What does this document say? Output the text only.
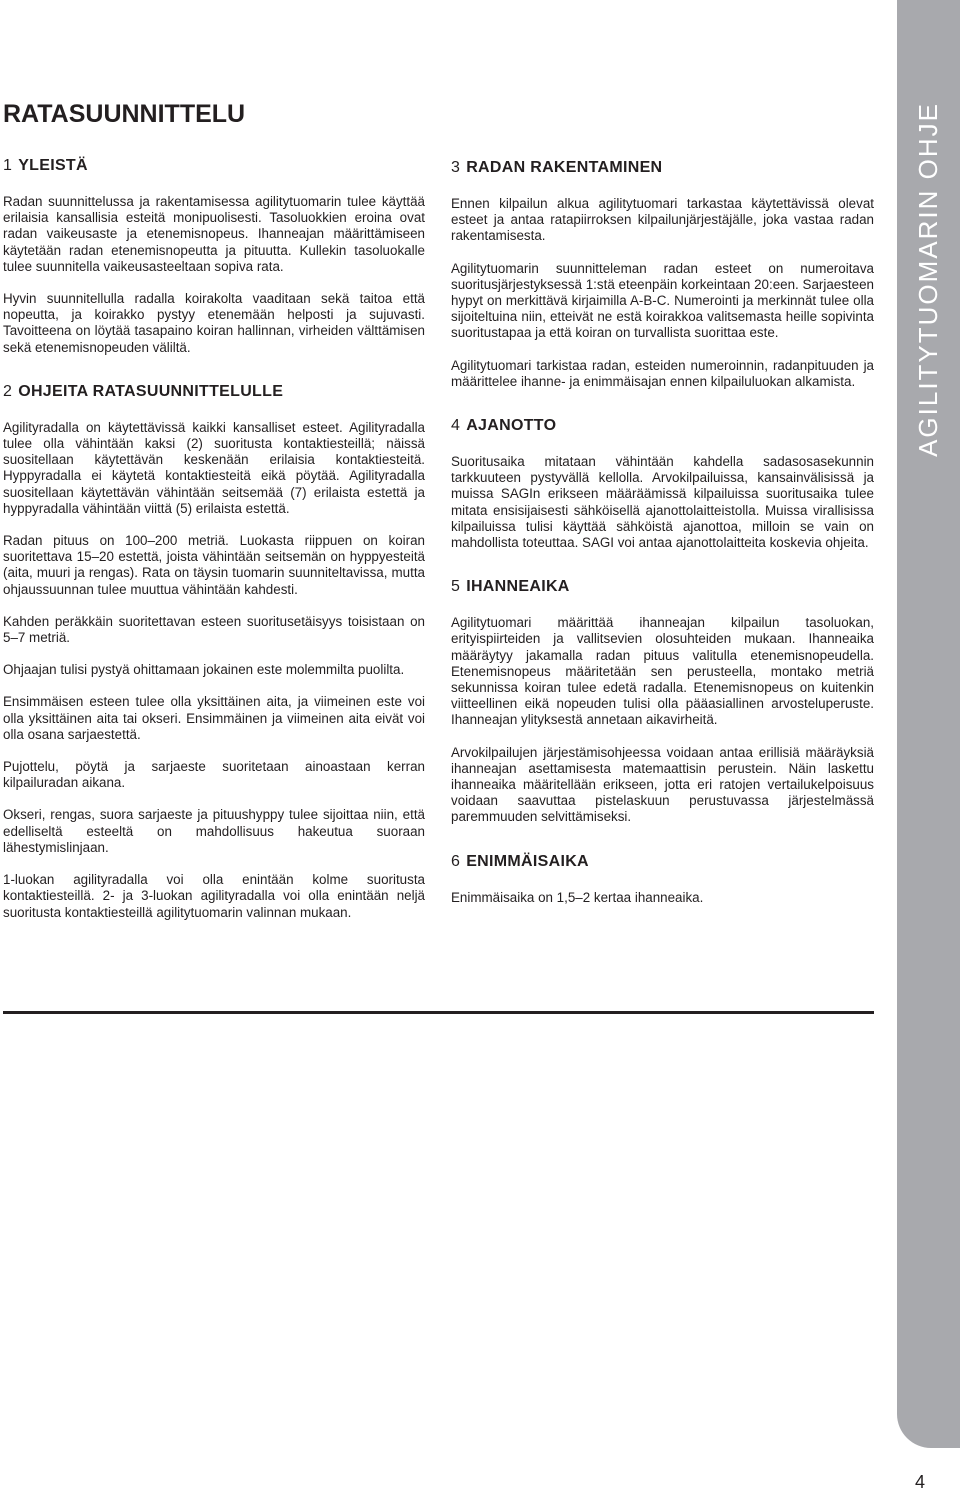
AGILITYTUOMARIN OHJE
RATASUUNNITTELU
1 YLEISTÄ

Radan suunnittelussa ja rakentamisessa agilitytuomarin tulee käyttää erilaisia kansallisia esteitä monipuolisesti. Tasoluokkien eroina ovat radan vaikeusaste ja etenemisnopeus. Ihanneajan määrittämiseen käytetään radan etenemisnopeutta ja pituutta. Kullekin tasoluokalle tulee suunnitella vaikeusasteeltaan sopiva rata.

Hyvin suunnitellulla radalla koirakolta vaaditaan sekä taitoa että nopeutta, ja koirakko pystyy etenemään helposti ja sujuvasti. Tavoitteena on löytää tasapaino koiran hallinnan, virheiden välttämisen sekä etenemisnopeuden väliltä.

2 OHJEITA RATASUUNNITTELULLE

Agilityradalla on käytettävissä kaikki kansalliset esteet. Agilityradalla tulee olla vähintään kaksi (2) suoritusta kontaktiesteillä; näissä suositellaan käytettävän keskenään erilaisia kontaktiesteitä. Hyppyradalla ei käytetä kontaktiesteitä eikä pöytää. Agilityradalla suositellaan käytettävän vähintään seitsemää (7) erilaista estettä ja hyppyradalla vähintään viittä (5) erilaista estettä.

Radan pituus on 100–200 metriä. Luokasta riippuen on koiran suoritettava 15–20 estettä, joista vähintään seitsemän on hyppyesteitä (aita, muuri ja rengas). Rata on täysin tuomarin suunniteltavissa, mutta ohjaussuunnan tulee muuttua vähintään kahdesti.

Kahden peräkkäin suoritettavan esteen suoritusetäisyys toisistaan on 5–7 metriä.

Ohjaajan tulisi pystyä ohittamaan jokainen este molemmilta puolilta.

Ensimmäisen esteen tulee olla yksittäinen aita, ja viimeinen este voi olla yksittäinen aita tai okseri. Ensimmäinen ja viimeinen aita eivät voi olla osana sarjaestettä.

Pujottelu, pöytä ja sarjaeste suoritetaan ainoastaan kerran kilpailuradan aikana.

Okseri, rengas, suora sarjaeste ja pituushyppy tulee sijoittaa niin, että edelliseltä esteeltä on mahdollisuus hakeutua suoraan lähestymislinjaan.

1-luokan agilityradalla voi olla enintään kolme suoritusta kontaktiesteillä. 2- ja 3-luokan agilityradalla voi olla enintään neljä suoritusta kontaktiesteillä agilitytuomarin valinnan mukaan.

3 RADAN RAKENTAMINEN

Ennen kilpailun alkua agilitytuomari tarkastaa käytettävissä olevat esteet ja antaa ratapiirroksen kilpailunjärjestäjälle, joka vastaa radan rakentamisesta.

Agilitytuomarin suunnitteleman radan esteet on numeroitava suoritusjärjestyksessä 1:stä eteenpäin korkeintaan 20:een. Sarjaesteen hypyt on merkittävä kirjaimilla A-B-C. Numerointi ja merkinnät tulee olla sijoiteltuina niin, etteivät ne estä koirakkoa valitsemasta heille sopivinta suoritustapaa ja että koiran on turvallista suorittaa este.

Agilitytuomari tarkistaa radan, esteiden numeroinnin, radanpituuden ja määrittelee ihanne- ja enimmäisajan ennen kilpailuluokan alkamista.

4 AJANOTTO

Suoritusaika mitataan vähintään kahdella sadasosasekunnin tarkkuuteen pystyvällä kellolla. Arvokilpailuissa, kansainvälisissä ja muissa SAGIn erikseen määräämissä kilpailuissa suoritusaika tulee mitata ensisijaisesti sähköisellä ajanottolaitteistolla. Muissa virallisissa kilpailuissa tulisi käyttää sähköistä ajanottoa, milloin se vain on mahdollista toteuttaa. SAGI voi antaa ajanottolaitteita koskevia ohjeita.

5 IHANNEAIKA

Agilitytuomari määrittää ihanneajan kilpailun tasoluokan, erityispiirteiden ja vallitsevien olosuhteiden mukaan. Ihanneaika määräytyy jakamalla radan pituus valitulla etenemisnopeudella. Etenemisnopeus määritetään sen perusteella, montako metriä sekunnissa koiran tulee edetä radalla. Etenemisnopeus on kuitenkin viitteellinen eikä nopeuden tulisi olla pääasiallinen arvosteluperuste. Ihanneajan ylityksestä annetaan aikavirheitä.

Arvokilpailujen järjestämisohjeessa voidaan antaa erillisiä määräyksiä ihanneajan asettamisesta matemaattisin perustein. Näin laskettu ihanneaika määritellään erikseen, jotta eri ratojen vertailukelpoisuus voidaan saavuttaa pistelaskuun perustuvassa järjestelmässä paremmuuden selvittämiseksi.

6 ENIMMÄISAIKA

Enimmäisaika on 1,5–2 kertaa ihanneaika.

4
